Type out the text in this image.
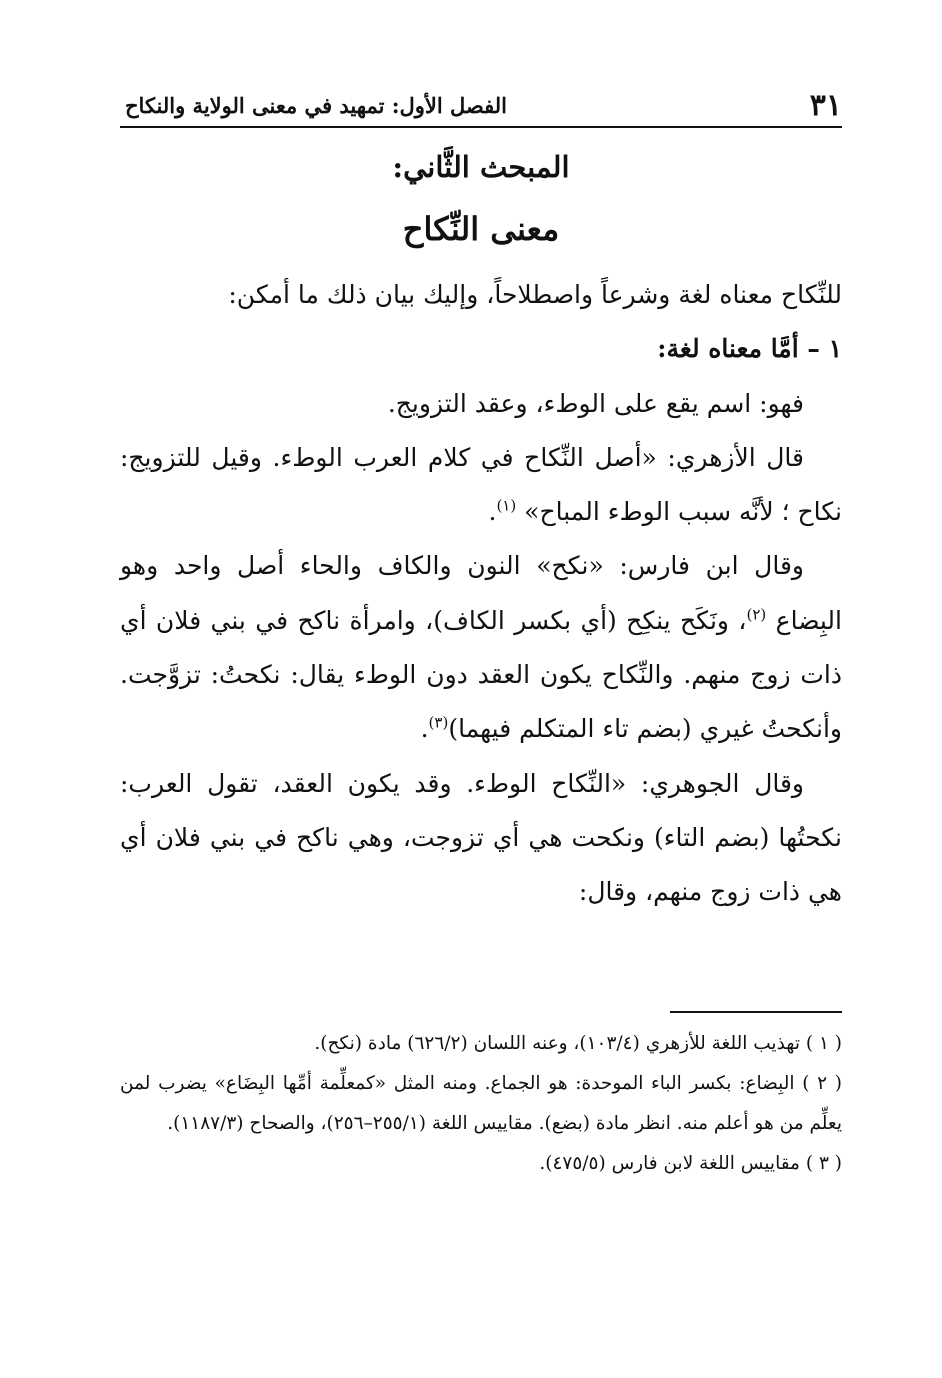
٣١
الفصل الأول: تمهيد في معنى الولاية والنكاح
المبحث الثَّاني:
معنى النِّكاح

للنِّكاح معناه لغة وشرعاً واصطلاحاً، وإليك بيان ذلك ما أمكن:

١ – أمَّا معناه لغة:

فهو: اسم يقع على الوطء، وعقد التزويج.

قال الأزهري: «أصل النِّكاح في كلام العرب الوطء. وقيل للتزويج: نكاح ؛ لأنَّه سبب الوطء المباح» $^{(١)}$.

وقال ابن فارس: «نكح» النون والكاف والحاء أصل واحد وهو البِضاع $^{(٢)}$، ونَكَح ينكِح (أي بكسر الكاف)، وامرأة ناكح في بني فلان أي ذات زوج منهم. والنِّكاح يكون العقد دون الوطء يقال: نكحتُ: تزوَّجت. وأنكحتُ غيري (بضم تاء المتكلم فيهما)$^{(٣)}$.

وقال الجوهري: «النِّكاح الوطء. وقد يكون العقد، تقول العرب: نكحتُها (بضم التاء) ونكحت هي أي تزوجت، وهي ناكح في بني فلان أي هي ذات زوج منهم، وقال:

( ١ ) تهذيب اللغة للأزهري (١٠٣/٤)، وعنه اللسان (٦٢٦/٢) مادة (نكح).

( ٢ ) البِضاع: بكسر الباء الموحدة: هو الجماع. ومنه المثل «كمعلِّمة أمِّها البِضَاع» يضرب لمن يعلِّم من هو أعلم منه. انظر مادة (بضع). مقاييس اللغة (٢٥٥/١–٢٥٦)، والصحاح (١١٨٧/٣).

( ٣ ) مقاييس اللغة لابن فارس (٤٧٥/٥).
